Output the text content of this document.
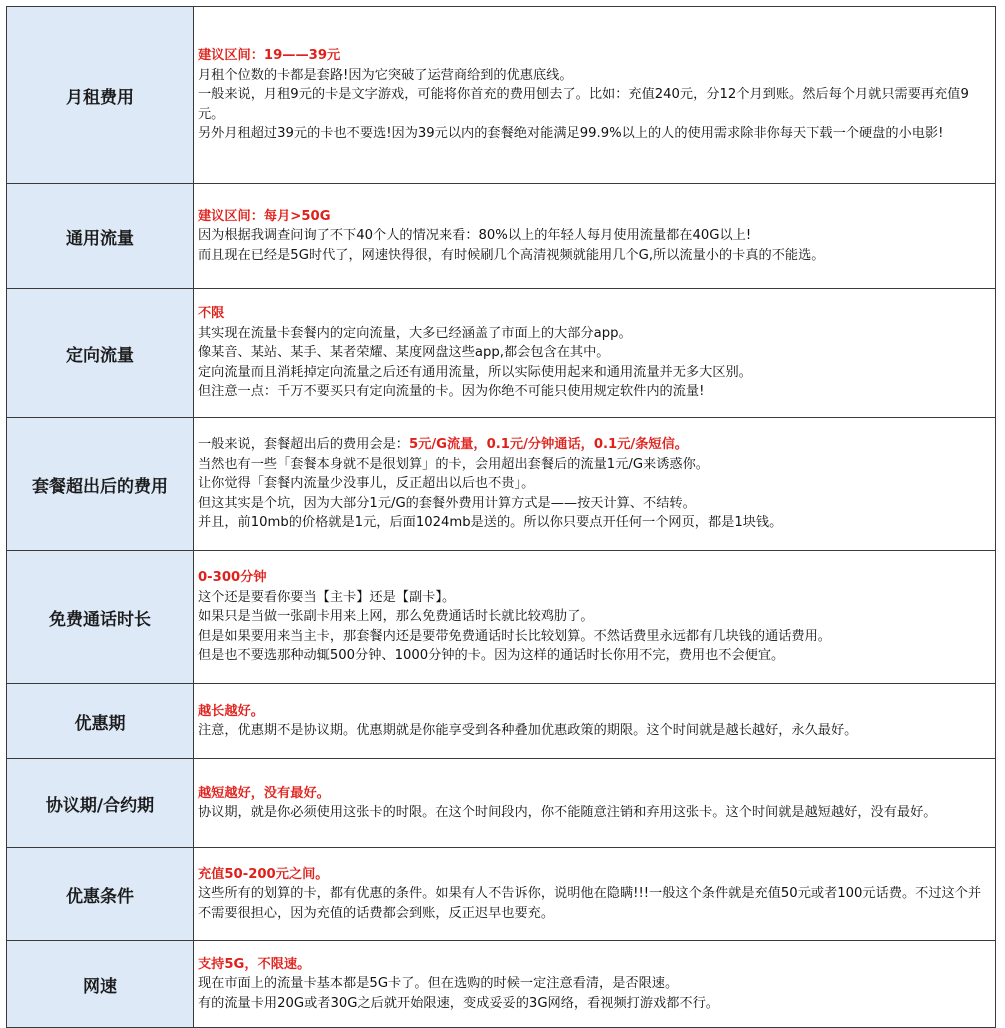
月租费用	建议区间：19——39元
月租个位数的卡都是套路!因为它突破了运营商给到的优惠底线。
一般来说，月租9元的卡是文字游戏，可能将你首充的费用刨去了。比如：充值240元，分12个月到账。然后每个月就只需要再充值9元。
另外月租超过39元的卡也不要选!因为39元以内的套餐绝对能满足99.9%以上的人的使用需求除非你每天下载一个硬盘的小电影!

通用流量	建议区间：每月>50G
因为根据我调查问询了不下40个人的情况来看：80%以上的年轻人每月使用流量都在40G以上!
而且现在已经是5G时代了，网速快得很，有时候刷几个高清视频就能用几个G,所以流量小的卡真的不能选。

定向流量	不限
其实现在流量卡套餐内的定向流量，大多已经涵盖了市面上的大部分app。
像某音、某站、某手、某者荣耀、某度网盘这些app,都会包含在其中。
定向流量而且消耗掉定向流量之后还有通用流量，所以实际使用起来和通用流量并无多大区别。
但注意一点：千万不要买只有定向流量的卡。因为你绝不可能只使用规定软件内的流量!

套餐超出后的费用	一般来说，套餐超出后的费用会是：5元/G流量，0.1元/分钟通话，0.1元/条短信。
当然也有一些「套餐本身就不是很划算」的卡，会用超出套餐后的流量1元/G来诱惑你。
让你觉得「套餐内流量少没事儿，反正超出以后也不贵」。
但这其实是个坑，因为大部分1元/G的套餐外费用计算方式是——按天计算、不结转。
并且，前10mb的价格就是1元，后面1024mb是送的。所以你只要点开任何一个网页，都是1块钱。

免费通话时长	0-300分钟
这个还是要看你要当【主卡】还是【副卡】。
如果只是当做一张副卡用来上网，那么免费通话时长就比较鸡肋了。
但是如果要用来当主卡，那套餐内还是要带免费通话时长比较划算。不然话费里永远都有几块钱的通话费用。
但是也不要选那种动辄500分钟、1000分钟的卡。因为这样的通话时长你用不完，费用也不会便宜。

优惠期	越长越好。
注意，优惠期不是协议期。优惠期就是你能享受到各种叠加优惠政策的期限。这个时间就是越长越好，永久最好。

协议期/合约期	越短越好，没有最好。
协议期，就是你必须使用这张卡的时限。在这个时间段内，你不能随意注销和弃用这张卡。这个时间就是越短越好，没有最好。

优惠条件	充值50-200元之间。
这些所有的划算的卡，都有优惠的条件。如果有人不告诉你，说明他在隐瞒!!!一般这个条件就是充值50元或者100元话费。不过这个并不需要很担心，因为充值的话费都会到账，反正迟早也要充。

网速	支持5G，不限速。
现在市面上的流量卡基本都是5G卡了。但在选购的时候一定注意看清，是否限速。
有的流量卡用20G或者30G之后就开始限速，变成妥妥的3G网络，看视频打游戏都不行。
